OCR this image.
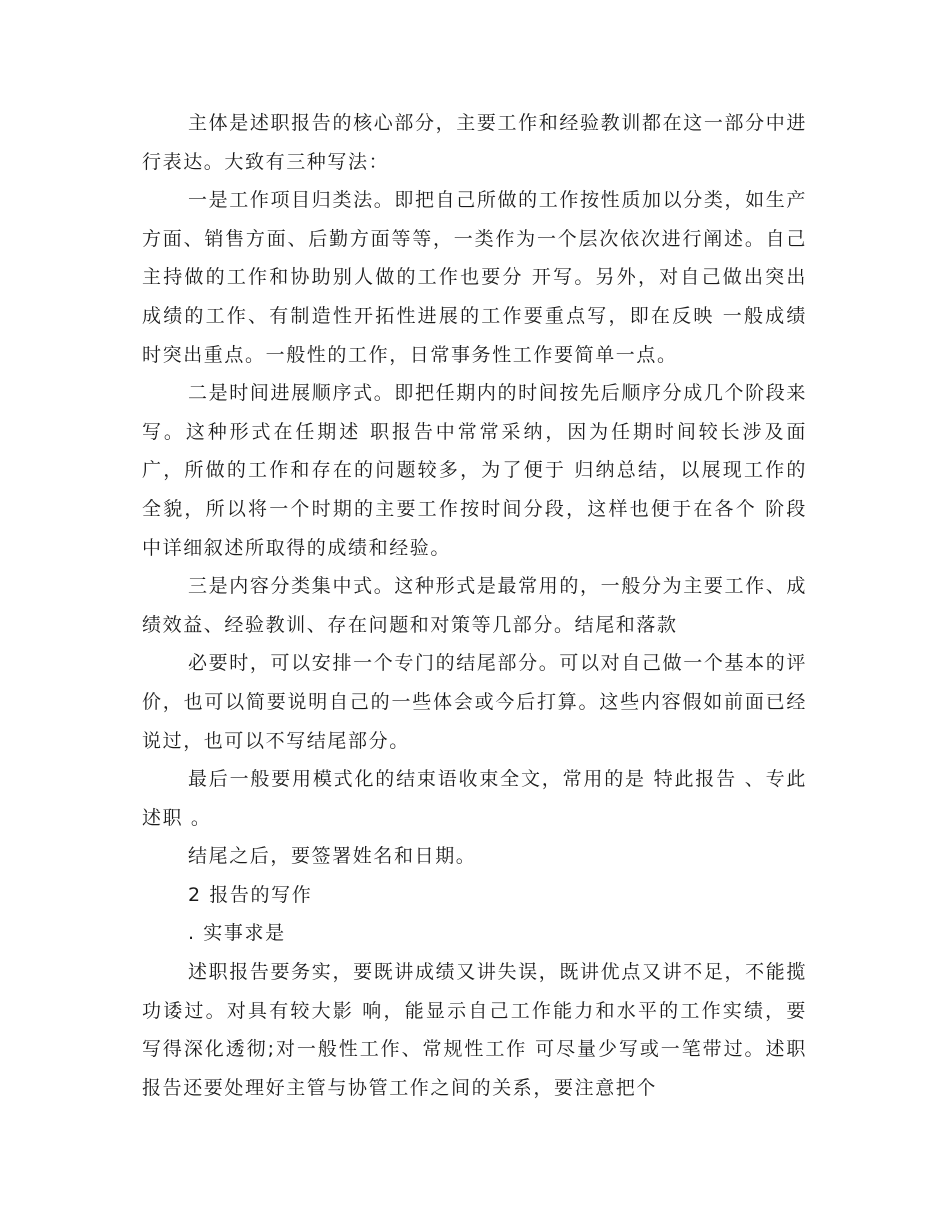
主体是述职报告的核心部分，主要工作和经验教训都在这一部分中进行表达。大致有三种写法：

一是工作项目归类法。即把自己所做的工作按性质加以分类，如生产方面、销售方面、后勤方面等等，一类作为一个层次依次进行阐述。自己主持做的工作和协助别人做的工作也要分 开写。另外，对自己做出突出成绩的工作、有制造性开拓性进展的工作要重点写，即在反映 一般成绩时突出重点。一般性的工作，日常事务性工作要简单一点。

二是时间进展顺序式。即把任期内的时间按先后顺序分成几个阶段来写。这种形式在任期述 职报告中常常采纳，因为任期时间较长涉及面广，所做的工作和存在的问题较多，为了便于 归纳总结，以展现工作的全貌，所以将一个时期的主要工作按时间分段，这样也便于在各个 阶段中详细叙述所取得的成绩和经验。

三是内容分类集中式。这种形式是最常用的，一般分为主要工作、成绩效益、经验教训、存在问题和对策等几部分。结尾和落款

必要时，可以安排一个专门的结尾部分。可以对自己做一个基本的评价，也可以简要说明自己的一些体会或今后打算。这些内容假如前面已经说过，也可以不写结尾部分。

最后一般要用模式化的结束语收束全文，常用的是 特此报告 、专此述职 。

结尾之后，要签署姓名和日期。

2 报告的写作

. 实事求是

述职报告要务实，要既讲成绩又讲失误，既讲优点又讲不足，不能揽功诿过。对具有较大影 响，能显示自己工作能力和水平的工作实绩，要写得深化透彻;对一般性工作、常规性工作 可尽量少写或一笔带过。述职报告还要处理好主管与协管工作之间的关系，要注意把个
